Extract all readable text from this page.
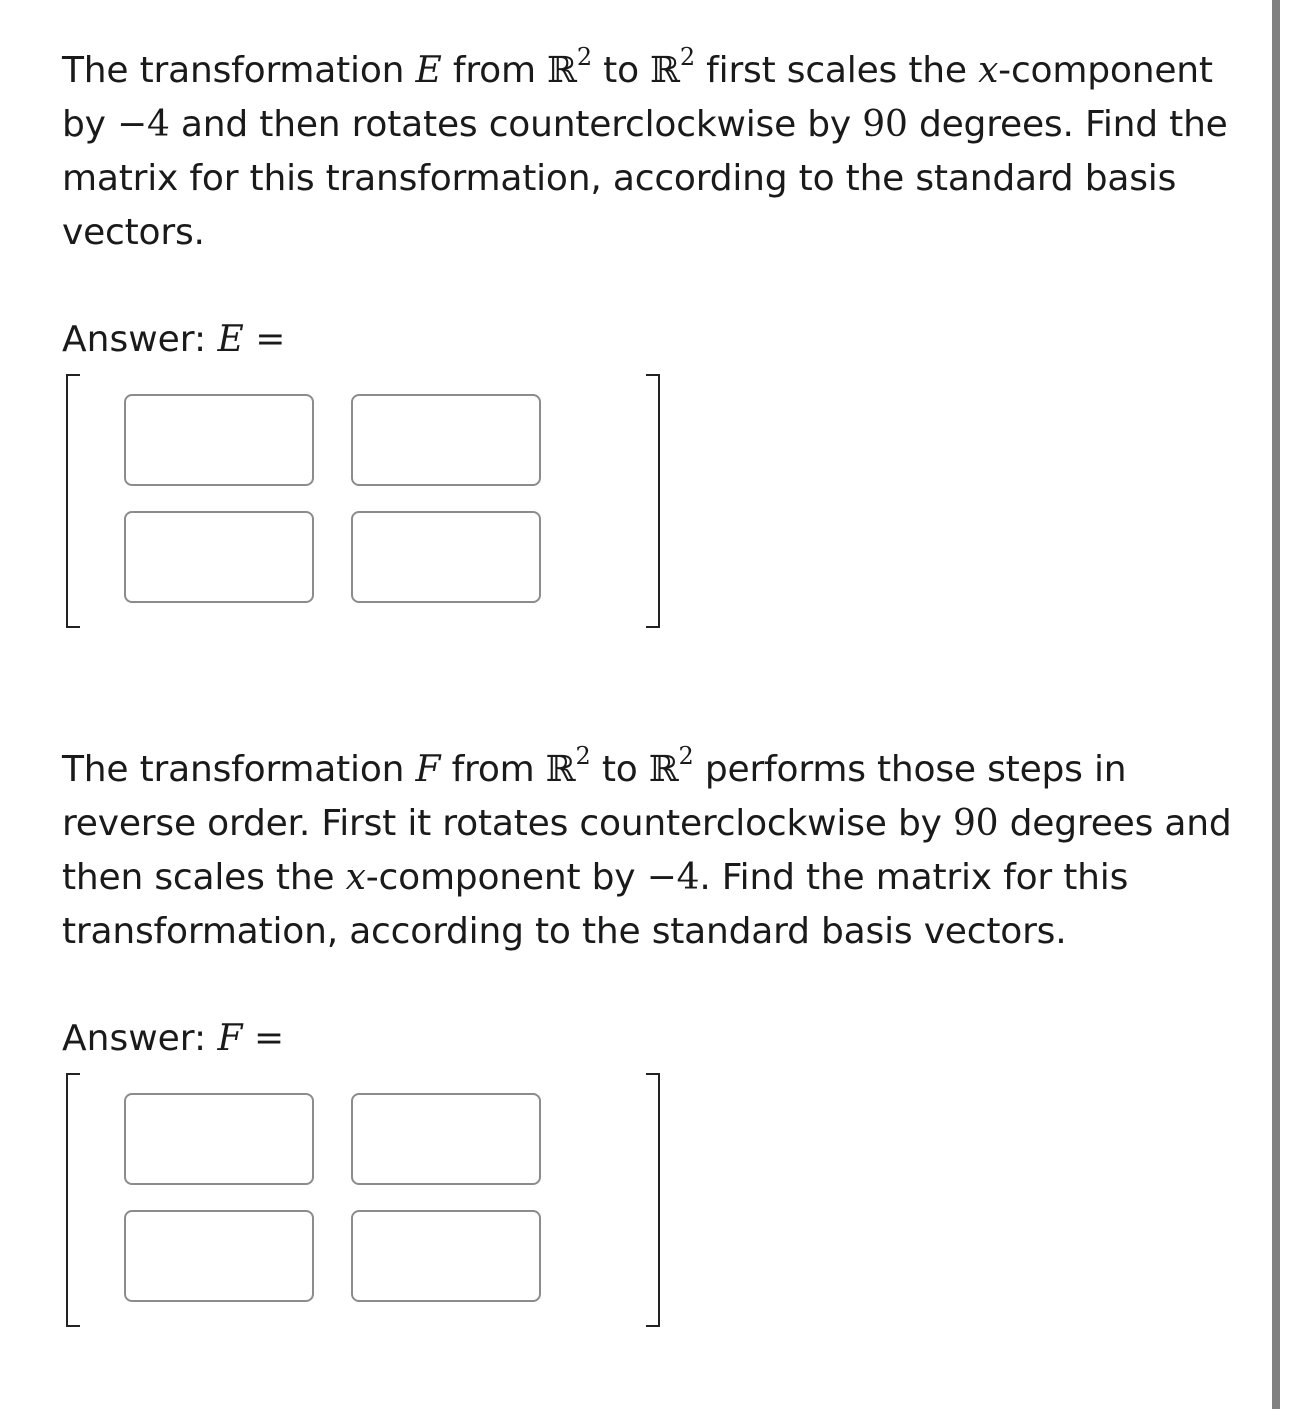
The transformation E from ℝ$^2$ to ℝ$^2$ first scales the x-component by −4 and then rotates counterclockwise by 90 degrees. Find the matrix for this transformation, according to the standard basis vectors.
Answer: E =
The transformation F from ℝ$^2$ to ℝ$^2$ performs those steps in reverse order. First it rotates counterclockwise by 90 degrees and then scales the x-component by −4. Find the matrix for this transformation, according to the standard basis vectors.
Answer: F =
